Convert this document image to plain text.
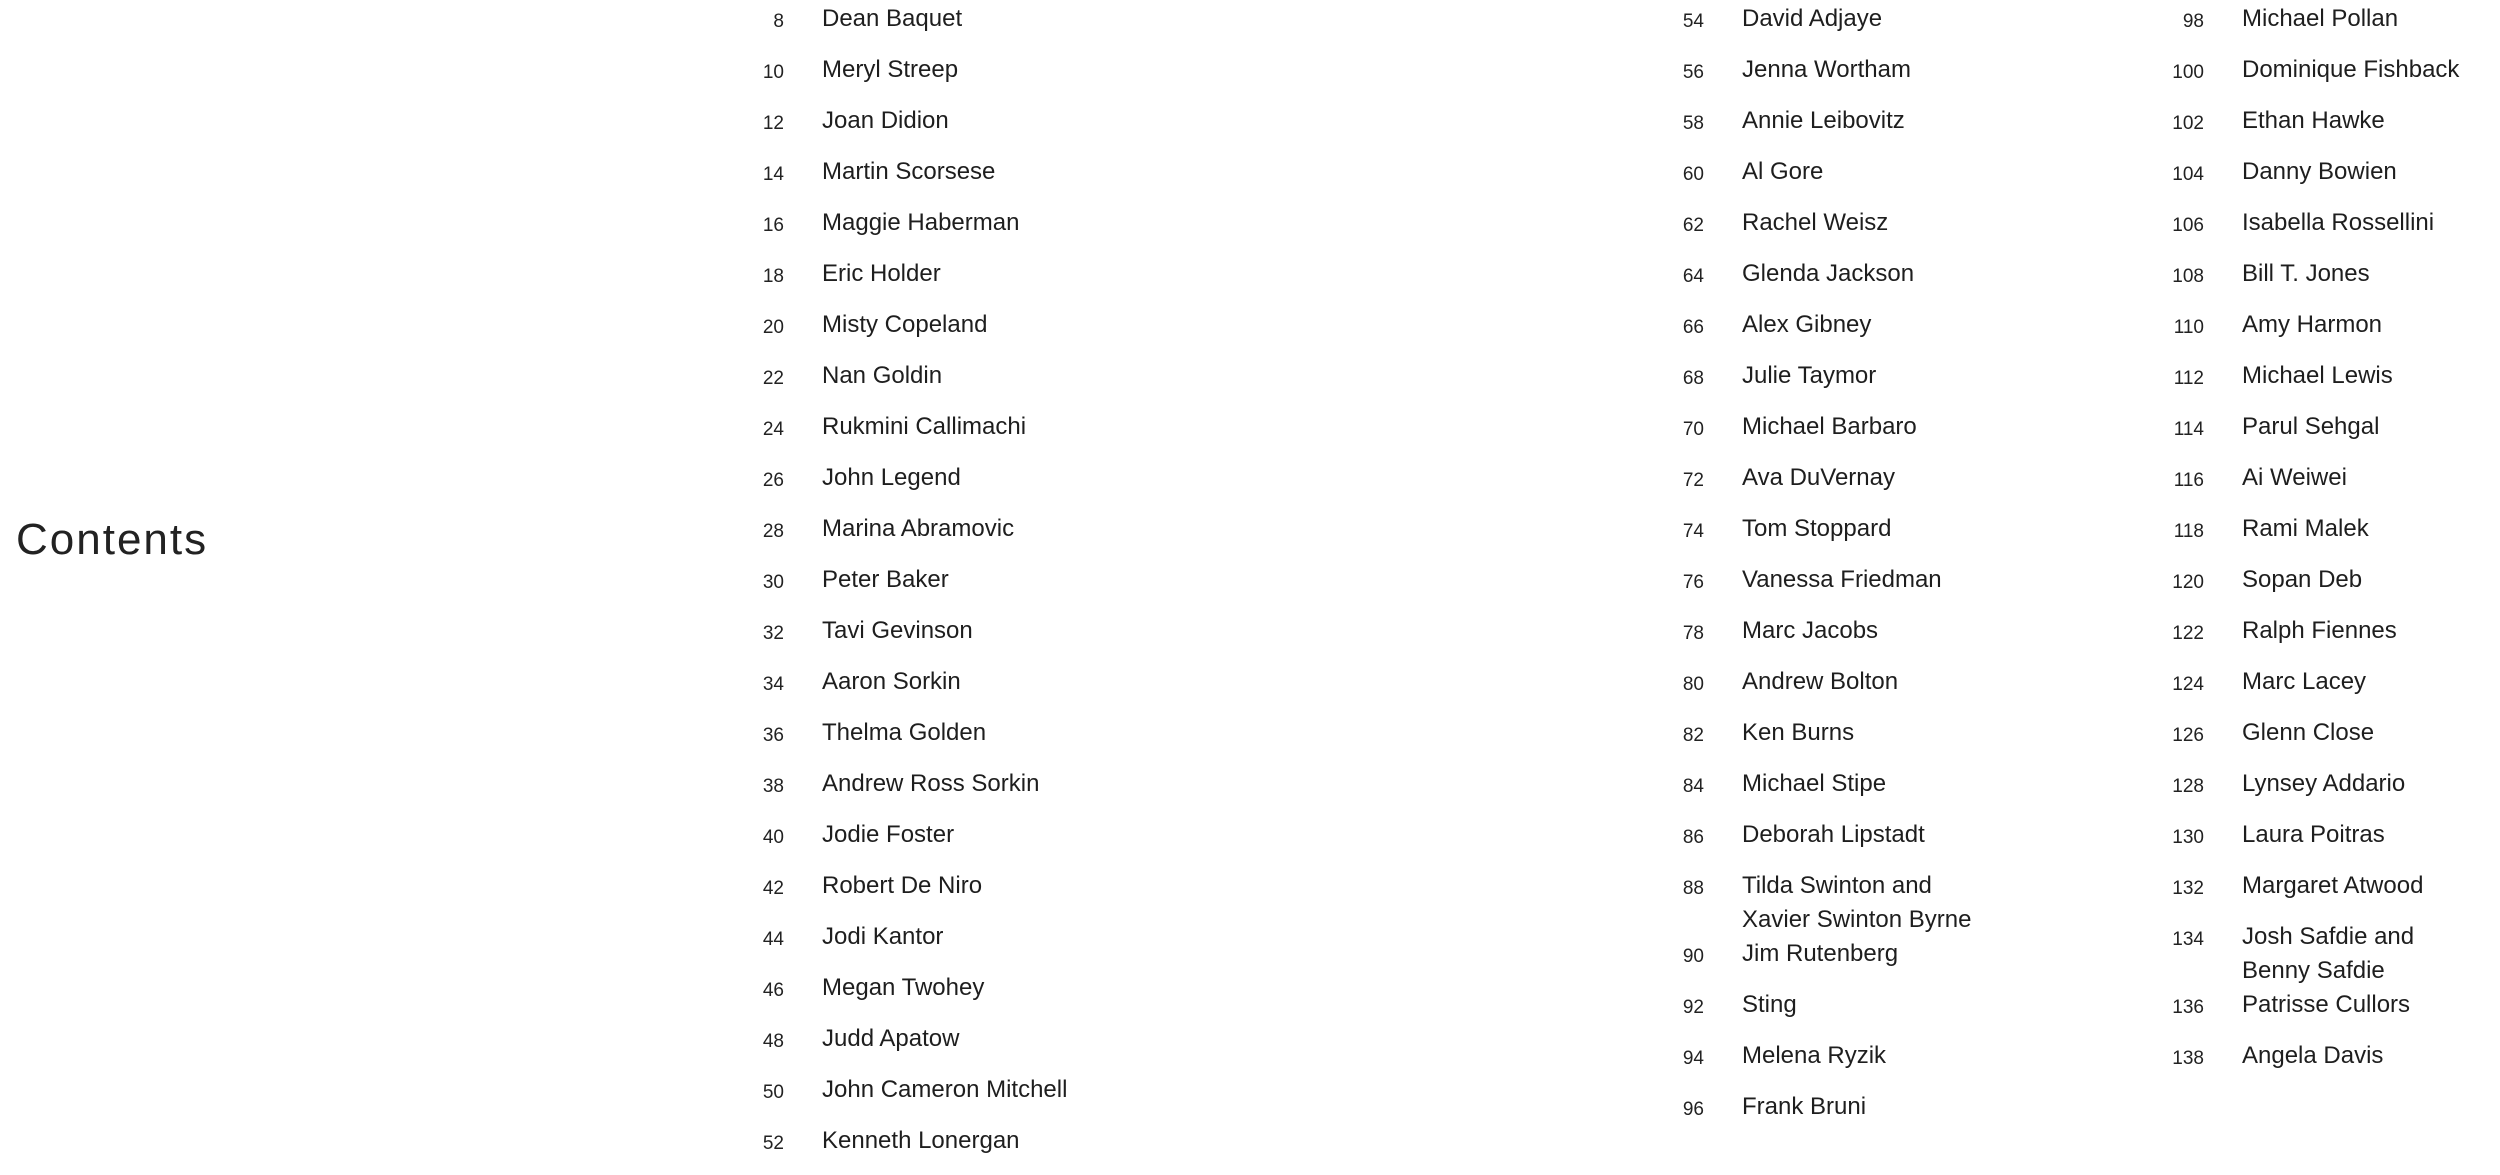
Contents
8 Dean Baquet
10 Meryl Streep
12 Joan Didion
14 Martin Scorsese
16 Maggie Haberman
18 Eric Holder
20 Misty Copeland
22 Nan Goldin
24 Rukmini Callimachi
26 John Legend
28 Marina Abramovic
30 Peter Baker
32 Tavi Gevinson
34 Aaron Sorkin
36 Thelma Golden
38 Andrew Ross Sorkin
40 Jodie Foster
42 Robert De Niro
44 Jodi Kantor
46 Megan Twohey
48 Judd Apatow
50 John Cameron Mitchell
52 Kenneth Lonergan
54 David Adjaye
56 Jenna Wortham
58 Annie Leibovitz
60 Al Gore
62 Rachel Weisz
64 Glenda Jackson
66 Alex Gibney
68 Julie Taymor
70 Michael Barbaro
72 Ava DuVernay
74 Tom Stoppard
76 Vanessa Friedman
78 Marc Jacobs
80 Andrew Bolton
82 Ken Burns
84 Michael Stipe
86 Deborah Lipstadt
88 Tilda Swinton and
Xavier Swinton Byrne
90 Jim Rutenberg
92 Sting
94 Melena Ryzik
96 Frank Bruni
98 Michael Pollan
100 Dominique Fishback
102 Ethan Hawke
104 Danny Bowien
106 Isabella Rossellini
108 Bill T. Jones
110 Amy Harmon
112 Michael Lewis
114 Parul Sehgal
116 Ai Weiwei
118 Rami Malek
120 Sopan Deb
122 Ralph Fiennes
124 Marc Lacey
126 Glenn Close
128 Lynsey Addario
130 Laura Poitras
132 Margaret Atwood
134 Josh Safdie and
Benny Safdie
136 Patrisse Cullors
138 Angela Davis
